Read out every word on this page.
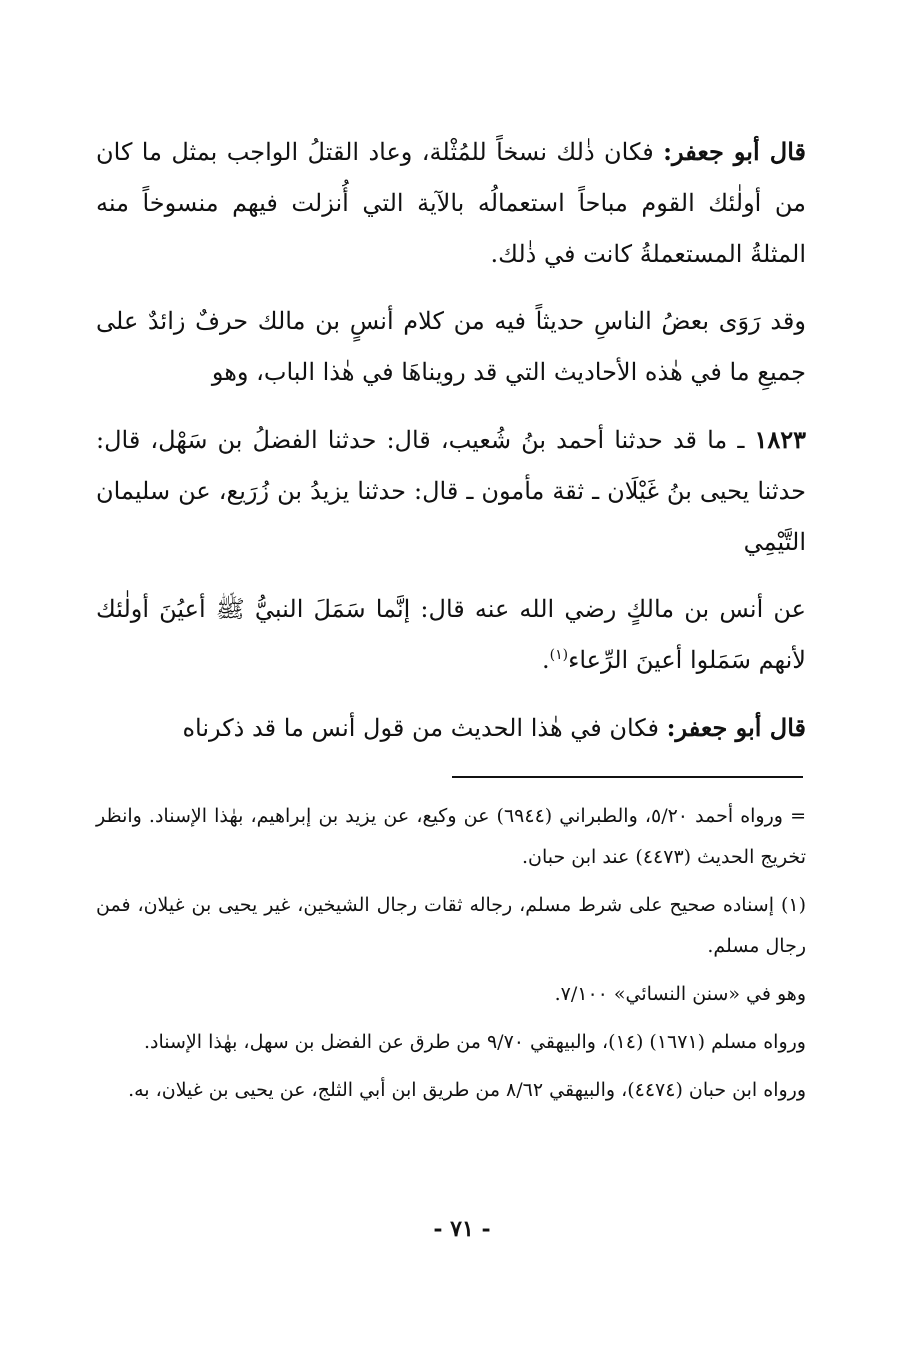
قال أبو جعفر: فكان ذٰلك نسخاً للمُثْلة، وعاد القتلُ الواجب بمثل ما كان من أولٰئك القوم مباحاً استعمالُه بالآية التي أُنزلت فيهم منسوخاً منه المثلةُ المستعملةُ كانت في ذٰلك.

وقد رَوَى بعضُ الناسِ حديثاً فيه من كلام أنسٍ بن مالك حرفٌ زائدٌ على جميعِ ما في هٰذه الأحاديث التي قد رويناهَا في هٰذا الباب، وهو

١٨٢٣ ـ ما قد حدثنا أحمد بنُ شُعيب، قال: حدثنا الفضلُ بن سَهْل، قال: حدثنا يحيى بنُ غَيْلَان ـ ثقة مأمون ـ قال: حدثنا يزيدُ بن زُرَيع، عن سليمان التَّيْمِي

عن أنس بن مالكٍ رضي الله عنه قال: إنَّما سَمَلَ النبيُّ ﷺ أعيُنَ أولٰئك لأنهم سَمَلوا أعينَ الرِّعاء$^{(١)}$.

قال أبو جعفر: فكان في هٰذا الحديث من قول أنس ما قد ذكرناه

= ورواه أحمد ٥/٢٠، والطبراني (٦٩٤٤) عن وكيع، عن يزيد بن إبراهيم، بهٰذا الإسناد. وانظر تخريج الحديث (٤٤٧٣) عند ابن حبان.

(١) إسناده صحيح على شرط مسلم، رجاله ثقات رجال الشيخين، غير يحيى بن غيلان، فمن رجال مسلم.

وهو في «سنن النسائي» ٧/١٠٠.

ورواه مسلم (١٦٧١) (١٤)، والبيهقي ٩/٧٠ من طرق عن الفضل بن سهل، بهٰذا الإسناد.

ورواه ابن حبان (٤٤٧٤)، والبيهقي ٨/٦٢ من طريق ابن أبي الثلج، عن يحيى بن غيلان، به.

- ٧١ -
